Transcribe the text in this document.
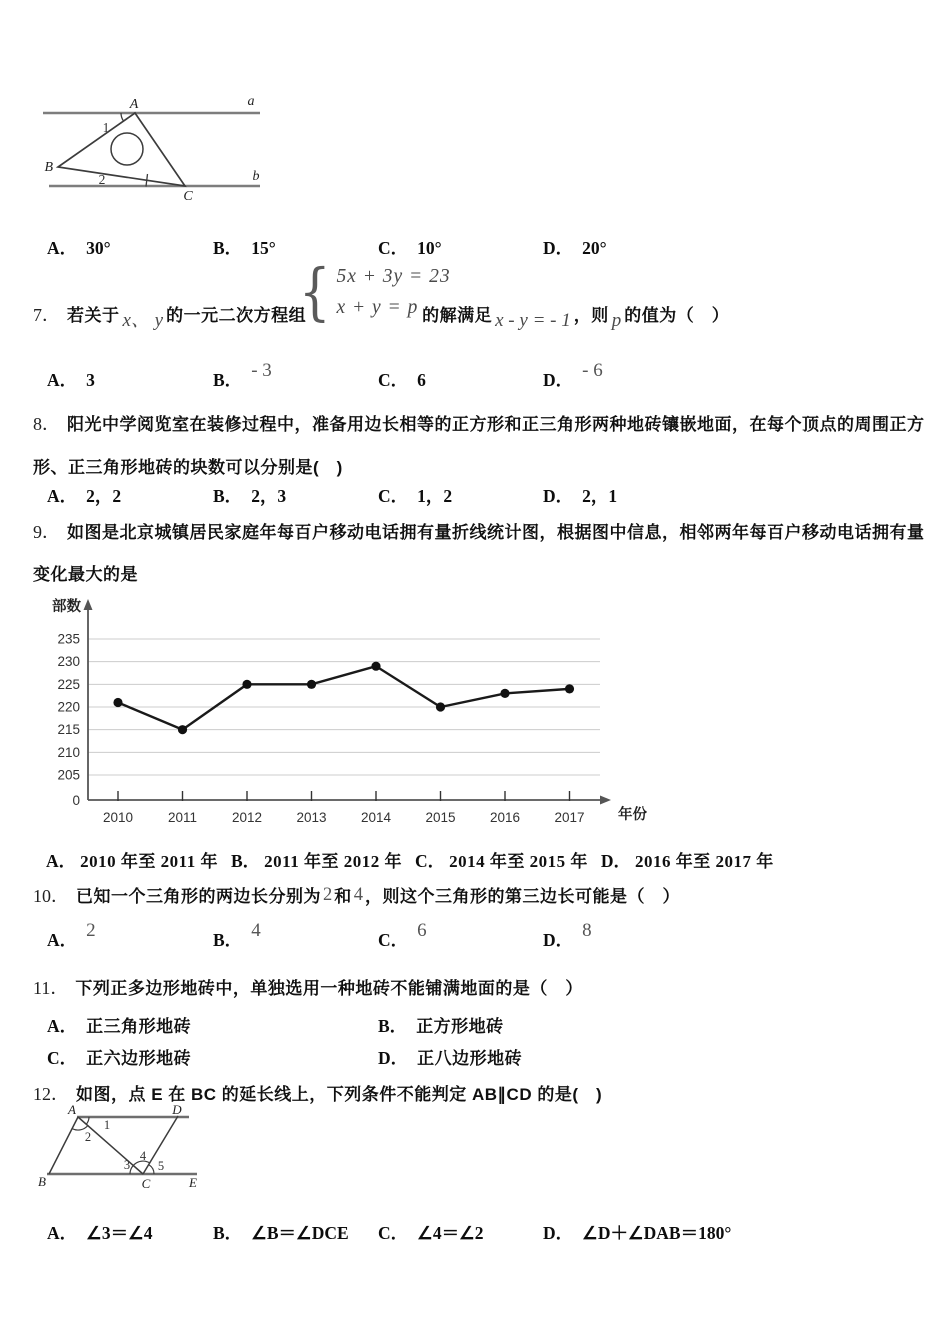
A
B
C
a
b
1
2
A． 30°	B． 15°	C． 10°	D． 20°
7． 若关于 x、 y 的一元二次方程组	的解满足 x - y = - 1 ，则 p 的值为（　）
{ 5x + 3y = 23
x + y = p
A． 3	B． - 3	C． 6	D． - 6
8． 阳光中学阅览室在装修过程中，准备用边长相等的正方形和正三角形两种地砖镶嵌地面，在每个顶点的周围正方
形、正三角形地砖的块数可以分别是(　)
A． 2，2	B． 2，3	C． 1，2	D． 2，1
9． 如图是北京城镇居民家庭年每百户移动电话拥有量折线统计图，根据图中信息，相邻两年每百户移动电话拥有量
变化最大的是
205
210
215
220
225
230
235
0
2010	2011	2012	2013	2014	2015	2016	2017
部数
年份
A． 2010 年至 2011 年 B． 2011 年至 2012 年 C． 2014 年至 2015 年 D． 2016 年至 2017 年
10． 已知一个三角形的两边长分别为 2 和 4 ，则这个三角形的第三边长可能是（　）
A． 2	B． 4	C． 6	D． 8
11． 下列正多边形地砖中，单独选用一种地砖不能铺满地面的是（　）
A． 正三角形地砖	B． 正方形地砖
C． 正六边形地砖	D． 正八边形地砖
12． 如图，点 E 在 BC 的延长线上，下列条件不能判定 AB∥CD 的是(　)
A	D
B	C	E
1
2
3
4
5
A． ∠3＝∠4	B． ∠B＝∠DCE C． ∠4＝∠2	D． ∠D＋∠DAB＝180°
